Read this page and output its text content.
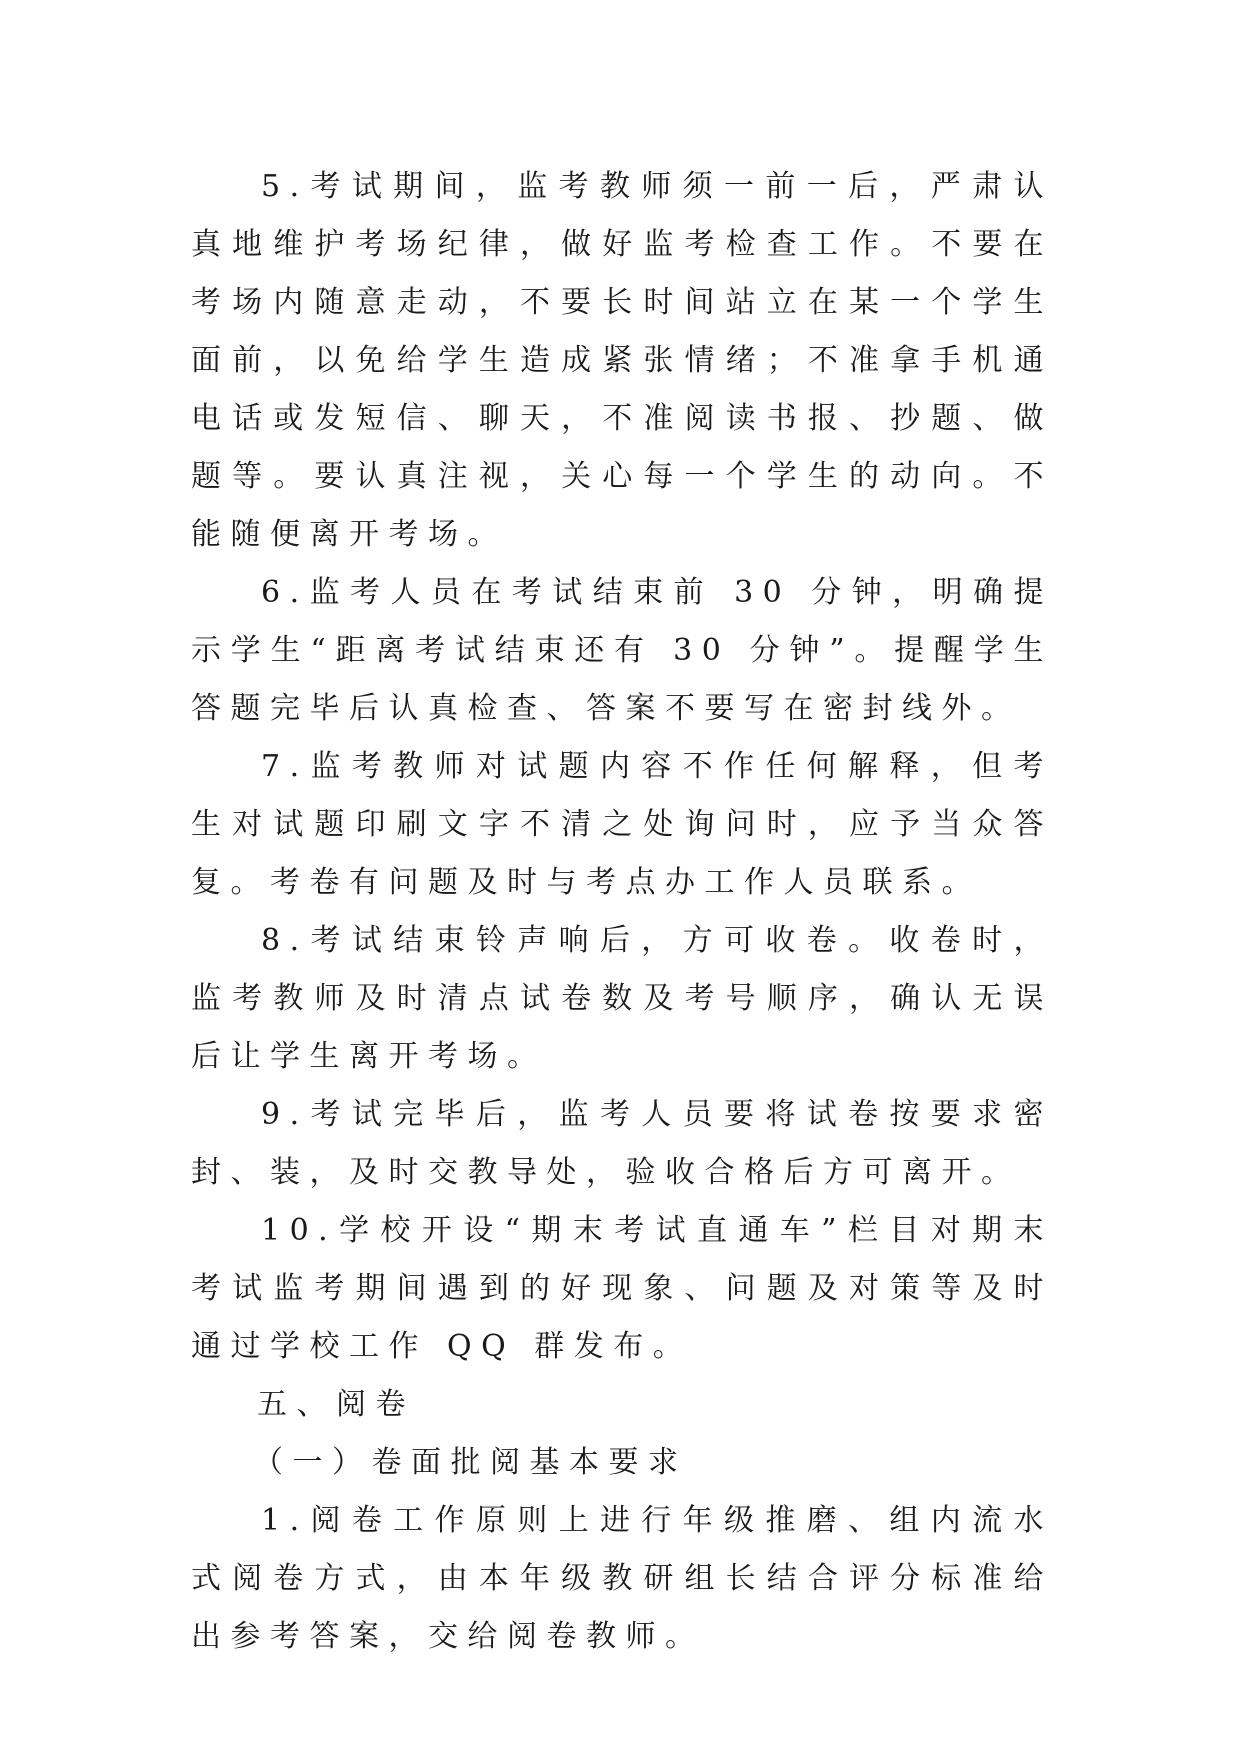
5.考试期间，监考教师须一前一后，严肃认真地维护考场纪律，做好监考检查工作。不要在考场内随意走动，不要长时间站立在某一个学生面前，以免给学生造成紧张情绪；不准拿手机通电话或发短信、聊天，不准阅读书报、抄题、做题等。要认真注视，关心每一个学生的动向。不能随便离开考场。

6.监考人员在考试结束前 30 分钟，明确提示学生“距离考试结束还有 30 分钟”。提醒学生答题完毕后认真检查、答案不要写在密封线外。

7.监考教师对试题内容不作任何解释，但考生对试题印刷文字不清之处询问时，应予当众答复。考卷有问题及时与考点办工作人员联系。

8.考试结束铃声响后，方可收卷。收卷时，监考教师及时清点试卷数及考号顺序，确认无误后让学生离开考场。

9.考试完毕后，监考人员要将试卷按要求密封、装，及时交教导处，验收合格后方可离开。

10.学校开设“期末考试直通车”栏目对期末考试监考期间遇到的好现象、问题及对策等及时通过学校工作 QQ 群发布。

五、阅卷

（一）卷面批阅基本要求

1.阅卷工作原则上进行年级推磨、组内流水式阅卷方式，由本年级教研组长结合评分标准给出参考答案，交给阅卷教师。
